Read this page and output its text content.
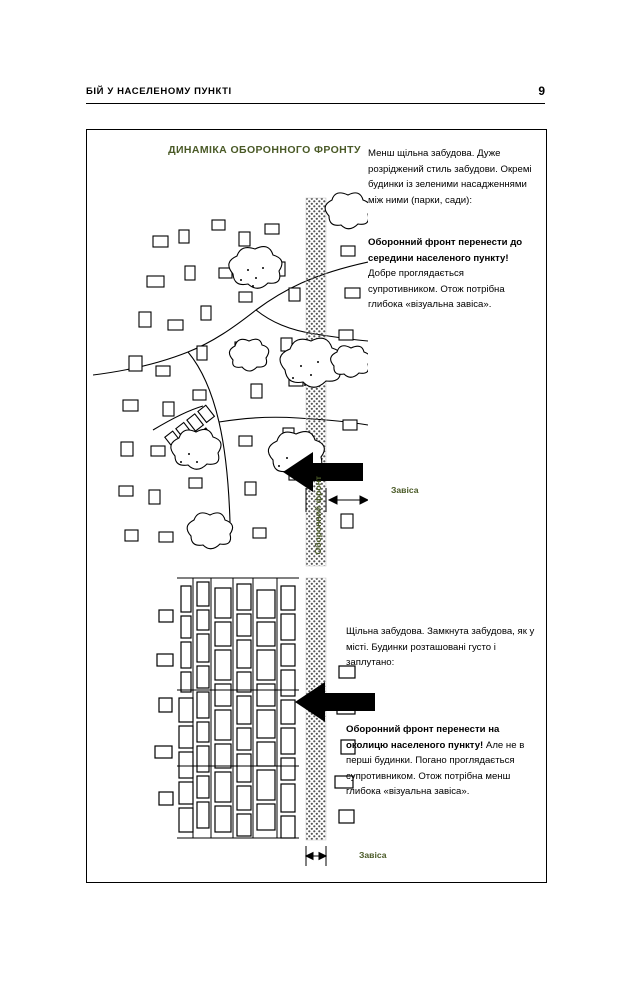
БІЙ У НАСЕЛЕНОМУ ПУНКТІ	9
ДИНАМІКА ОБОРОННОГО ФРОНТУ
Оборонний фронт	Завіса
Завіса
Менш щільна забудова. Дуже розріджений стиль забудови. Окремі будинки із зеленими насадженнями між ними (парки, сади):
Оборонний фронт перенести до середини населеного пункту! Добре проглядається супротивником. Отож потрібна глибока «візуальна завіса».
Щільна забудова. Замкнута забудова, як у місті. Будинки розташовані густо і заплутано:
Оборонний фронт перенести на околицю населеного пункту! Але не в перші будинки. Погано проглядається супротивником. Отож потрібна менш глибока «візуальна завіса».
